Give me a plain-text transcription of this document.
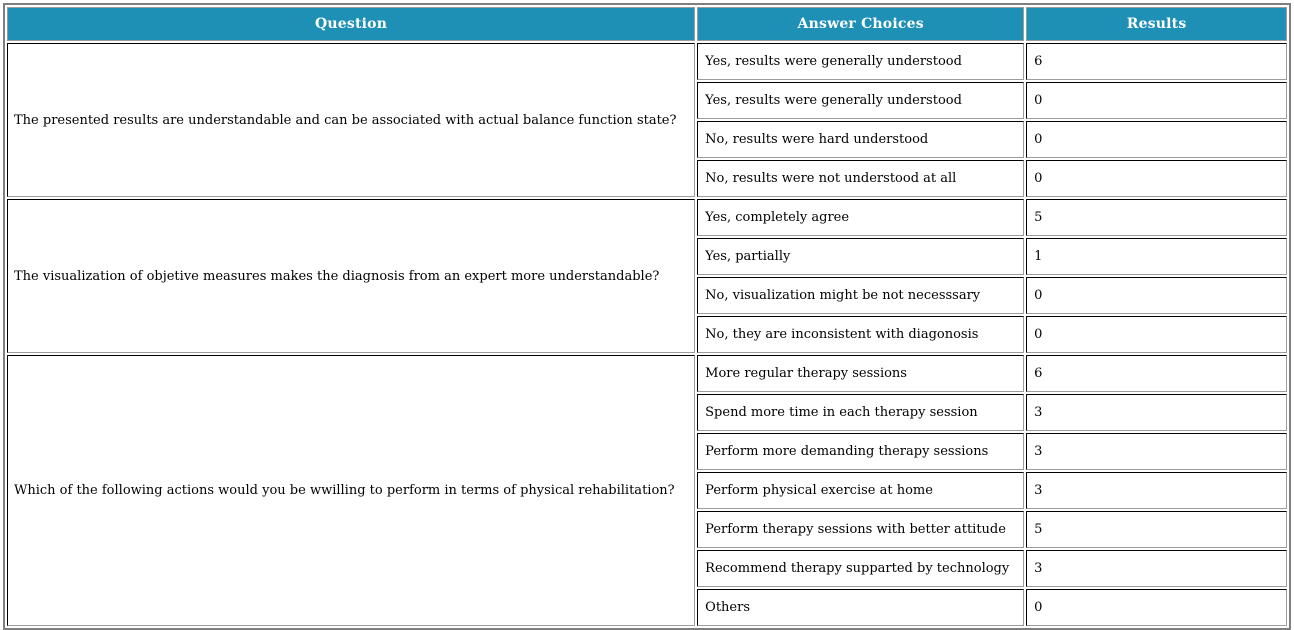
Question	Answer Choices	Results
The presented results are understandable and can be associated with actual balance function state?	Yes, results were generally understood	6
	Yes, results were generally understood	0
	No, results were hard understood	0
	No, results were not understood at all	0
The visualization of objetive measures makes the diagnosis from an expert more understandable?	Yes, completely agree	5
	Yes, partially	1
	No, visualization might be not necesssary	0
	No, they are inconsistent with diagonosis	0
Which of the following actions would you be wwilling to perform in terms of physical rehabilitation?	More regular therapy sessions	6
	Spend more time in each therapy session	3
	Perform more demanding therapy sessions	3
	Perform physical exercise at home	3
	Perform therapy sessions with better attitude	5
	Recommend therapy supparted by technology	3
	Others	0
